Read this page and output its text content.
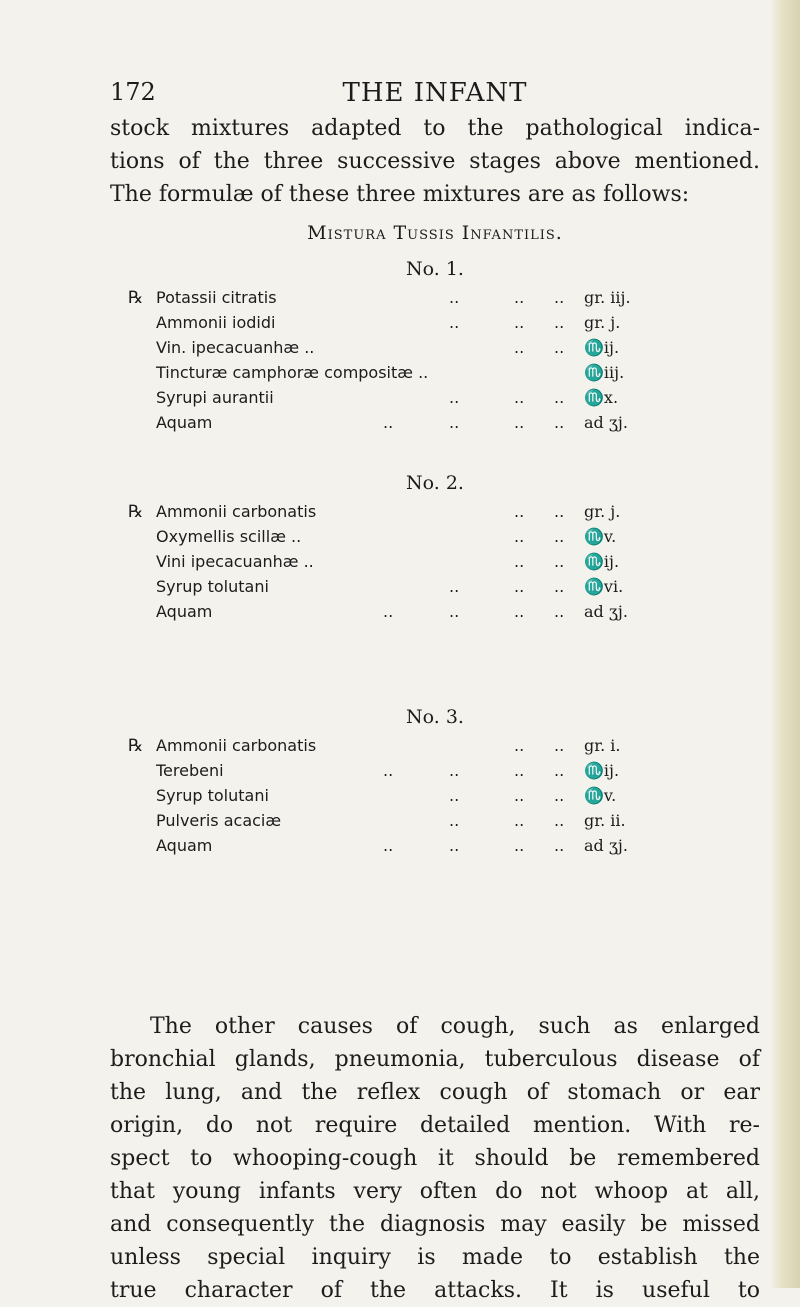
172	THE INFANT
stock mixtures adapted to the pathological indica-
tions of the three successive stages above mentioned.
The formulæ of these three mixtures are as follows:
Mistura Tussis Infantilis.
No. 1.
℞ Potassii citratis	..	.. .. gr. iij.
Ammonii iodidi	..	.. .. gr. j.
Vin. ipecacuanhæ ..	.. .. ♏ij.
Tincturæ camphoræ compositæ ..	♏iij.
Syrupi aurantii	..	.. .. ♏x.
Aquam	..	..	.. .. ad ʒj.
No. 2.
℞ Ammonii carbonatis	.. .. gr. j.
Oxymellis scillæ ..	.. .. ♏v.
Vini ipecacuanhæ ..	.. .. ♏ij.
Syrup tolutani	..	.. .. ♏vi.
Aquam	..	..	.. .. ad ʒj.
No. 3.
℞ Ammonii carbonatis	.. .. gr. i.
Terebeni	..	..	.. .. ♏ij.
Syrup tolutani	..	.. .. ♏v.
Pulveris acaciæ	..	.. .. gr. ii.
Aquam	..	..	.. .. ad ʒj.
The other causes of cough, such as enlarged
bronchial glands, pneumonia, tuberculous disease of
the lung, and the reflex cough of stomach or ear
origin, do not require detailed mention. With re-
spect to whooping-cough it should be remembered
that young infants very often do not whoop at all,
and consequently the diagnosis may easily be missed
unless special inquiry is made to establish the
true character of the attacks. It is useful to
